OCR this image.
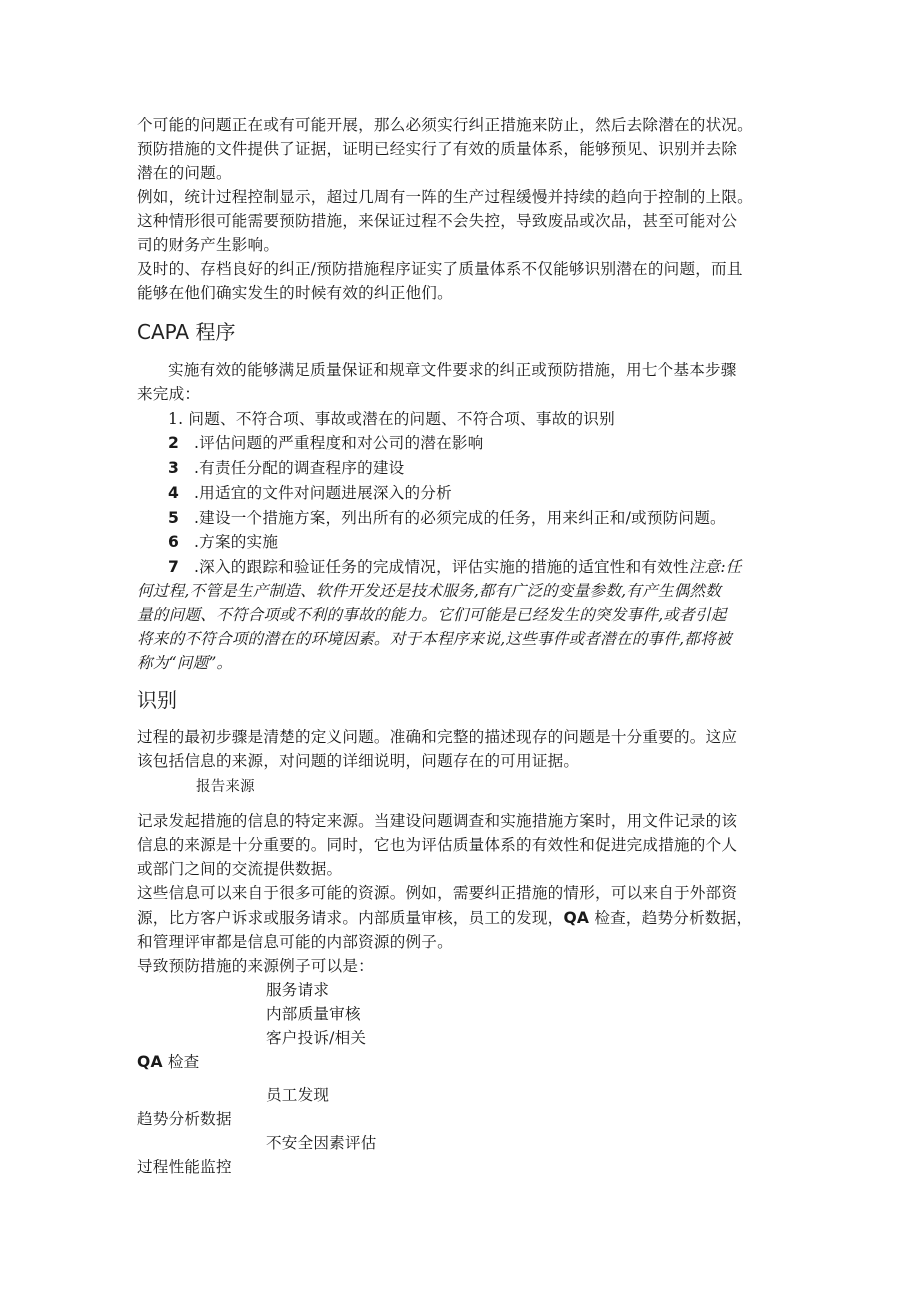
个可能的问题正在或有可能开展，那么必须实行纠正措施来防止，然后去除潜在的状况。
预防措施的文件提供了证据，证明已经实行了有效的质量体系，能够预见、识别并去除
潜在的问题。
例如，统计过程控制显示，超过几周有一阵的生产过程缓慢并持续的趋向于控制的上限。
这种情形很可能需要预防措施，来保证过程不会失控，导致废品或次品，甚至可能对公
司的财务产生影响。
及时的、存档良好的纠正/预防措施程序证实了质量体系不仅能够识别潜在的问题，而且
能够在他们确实发生的时候有效的纠正他们。
CAPA 程序
实施有效的能够满足质量保证和规章文件要求的纠正或预防措施，用七个基本步骤
来完成：
1. 问题、不符合项、事故或潜在的问题、不符合项、事故的识别
2 .评估问题的严重程度和对公司的潜在影响
3 .有责任分配的调查程序的建设
4 .用适宜的文件对问题进展深入的分析
5 .建设一个措施方案，列出所有的必须完成的任务，用来纠正和/或预防问题。
6 .方案的实施
7 .深入的跟踪和验证任务的完成情况，评估实施的措施的适宜性和有效性注意:任
何过程,不管是生产制造、软件开发还是技术服务,都有广泛的变量参数,有产生偶然数
量的问题、不符合项或不利的事故的能力。它们可能是已经发生的突发事件,或者引起
将来的不符合项的潜在的环境因素。对于本程序来说,这些事件或者潜在的事件,都将被
称为“问题”。
识别
过程的最初步骤是清楚的定义问题。准确和完整的描述现存的问题是十分重要的。这应
该包括信息的来源，对问题的详细说明，问题存在的可用证据。
报告来源
记录发起措施的信息的特定来源。当建设问题调查和实施措施方案时，用文件记录的该
信息的来源是十分重要的。同时，它也为评估质量体系的有效性和促进完成措施的个人
或部门之间的交流提供数据。
这些信息可以来自于很多可能的资源。例如，需要纠正措施的情形，可以来自于外部资
源，比方客户诉求或服务请求。内部质量审核，员工的发现，QA 检查，趋势分析数据，
和管理评审都是信息可能的内部资源的例子。
导致预防措施的来源例子可以是：
服务请求
内部质量审核
客户投诉/相关
QA 检查
员工发现
趋势分析数据
不安全因素评估
过程性能监控
